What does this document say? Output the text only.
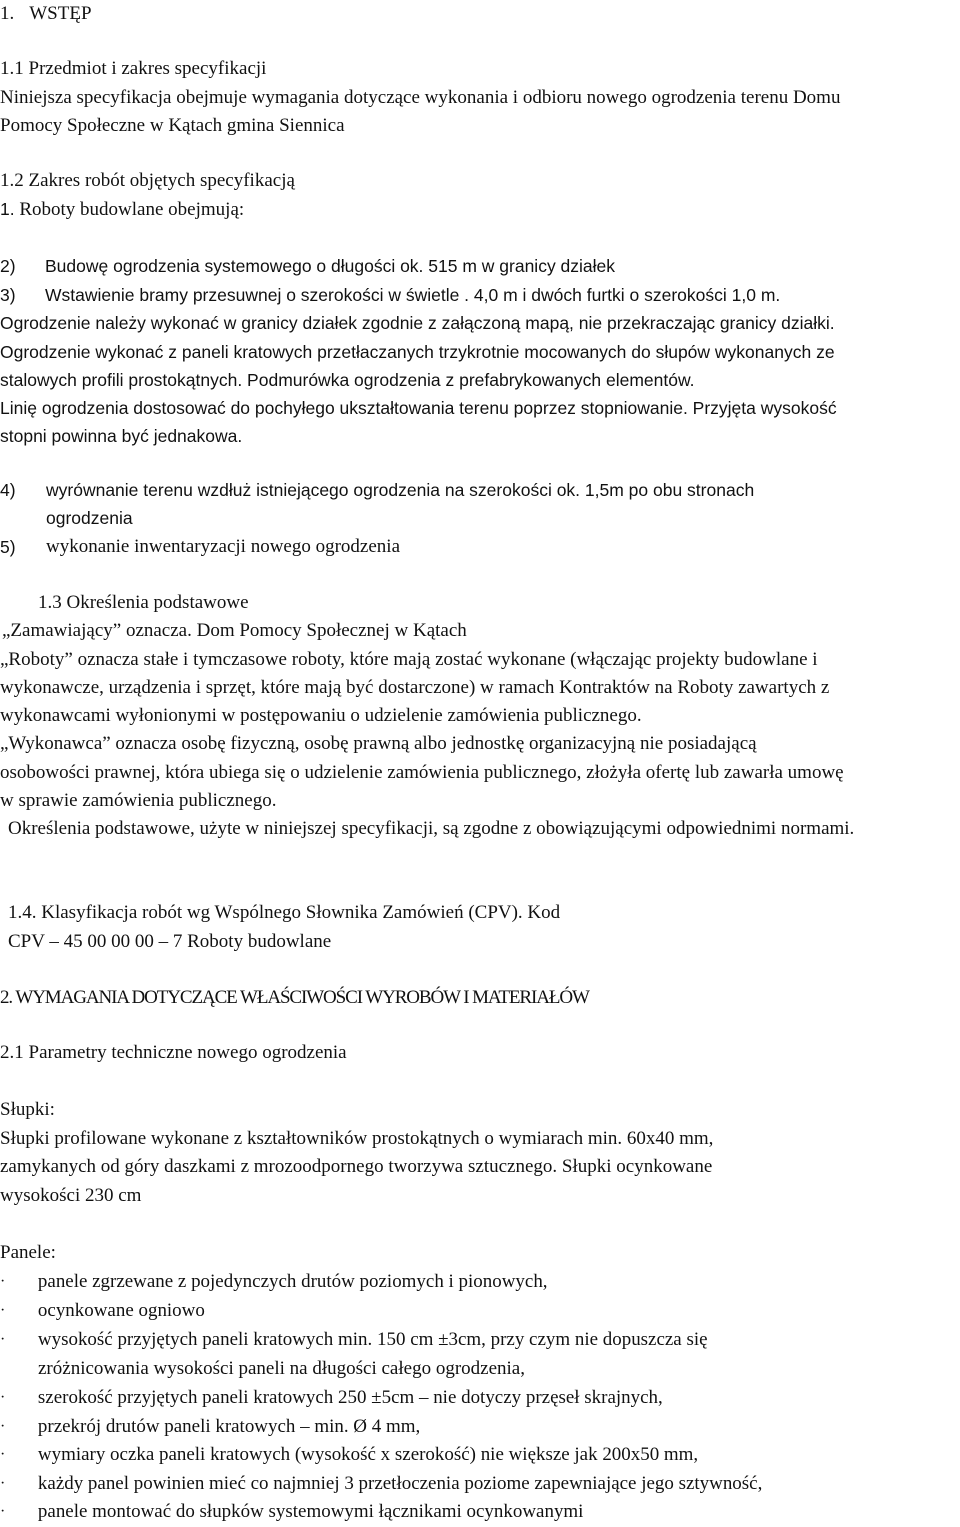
1. WSTĘP
1.1 Przedmiot i zakres specyfikacji
Niniejsza specyfikacja obejmuje wymagania dotyczące wykonania i odbioru nowego ogrodzenia terenu Domu
Pomocy Społeczne w Kątach gmina Siennica
1.2 Zakres robót objętych specyfikacją
1. Roboty budowlane obejmują:
2) Budowę ogrodzenia systemowego o długości ok. 515 m w granicy działek
3) Wstawienie bramy przesuwnej o szerokości w świetle . 4,0 m i dwóch furtki o szerokości 1,0 m.
Ogrodzenie należy wykonać w granicy działek zgodnie z załączoną mapą, nie przekraczając granicy działki.
Ogrodzenie wykonać z paneli kratowych przetłaczanych trzykrotnie mocowanych do słupów wykonanych ze
stalowych profili prostokątnych. Podmurówka ogrodzenia z prefabrykowanych elementów.
Linię ogrodzenia dostosować do pochyłego ukształtowania terenu poprzez stopniowanie. Przyjęta wysokość
stopni powinna być jednakowa.
4) wyrównanie terenu wzdłuż istniejącego ogrodzenia na szerokości ok. 1,5m po obu stronach
ogrodzenia
5) wykonanie inwentaryzacji nowego ogrodzenia
1.3 Określenia podstawowe
„Zamawiający” oznacza. Dom Pomocy Społecznej w Kątach
„Roboty” oznacza stałe i tymczasowe roboty, które mają zostać wykonane (włączając projekty budowlane i
wykonawcze, urządzenia i sprzęt, które mają być dostarczone) w ramach Kontraktów na Roboty zawartych z
wykonawcami wyłonionymi w postępowaniu o udzielenie zamówienia publicznego.
„Wykonawca” oznacza osobę fizyczną, osobę prawną albo jednostkę organizacyjną nie posiadającą
osobowości prawnej, która ubiega się o udzielenie zamówienia publicznego, złożyła ofertę lub zawarła umowę
w sprawie zamówienia publicznego.
Określenia podstawowe, użyte w niniejszej specyfikacji, są zgodne z obowiązującymi odpowiednimi normami.
1.4. Klasyfikacja robót wg Wspólnego Słownika Zamówień (CPV). Kod
CPV – 45 00 00 00 – 7 Roboty budowlane
2. WYMAGANIA DOTYCZĄCE WŁAŚCIWOŚCI WYROBÓW I MATERIAŁÓW
2.1 Parametry techniczne nowego ogrodzenia
Słupki:
Słupki profilowane wykonane z kształtowników prostokątnych o wymiarach min. 60x40 mm,
zamykanych od góry daszkami z mrozoodpornego tworzywa sztucznego. Słupki ocynkowane
wysokości 230 cm
Panele:
· panele zgrzewane z pojedynczych drutów poziomych i pionowych,
· ocynkowane ogniowo
· wysokość przyjętych paneli kratowych min. 150 cm ±3cm, przy czym nie dopuszcza się
zróżnicowania wysokości paneli na długości całego ogrodzenia,
· szerokość przyjętych paneli kratowych 250 ±5cm – nie dotyczy przęseł skrajnych,
· przekrój drutów paneli kratowych – min. Ø 4 mm,
· wymiary oczka paneli kratowych (wysokość x szerokość) nie większe jak 200x50 mm,
· każdy panel powinien mieć co najmniej 3 przetłoczenia poziome zapewniające jego sztywność,
· panele montować do słupków systemowymi łącznikami ocynkowanymi
